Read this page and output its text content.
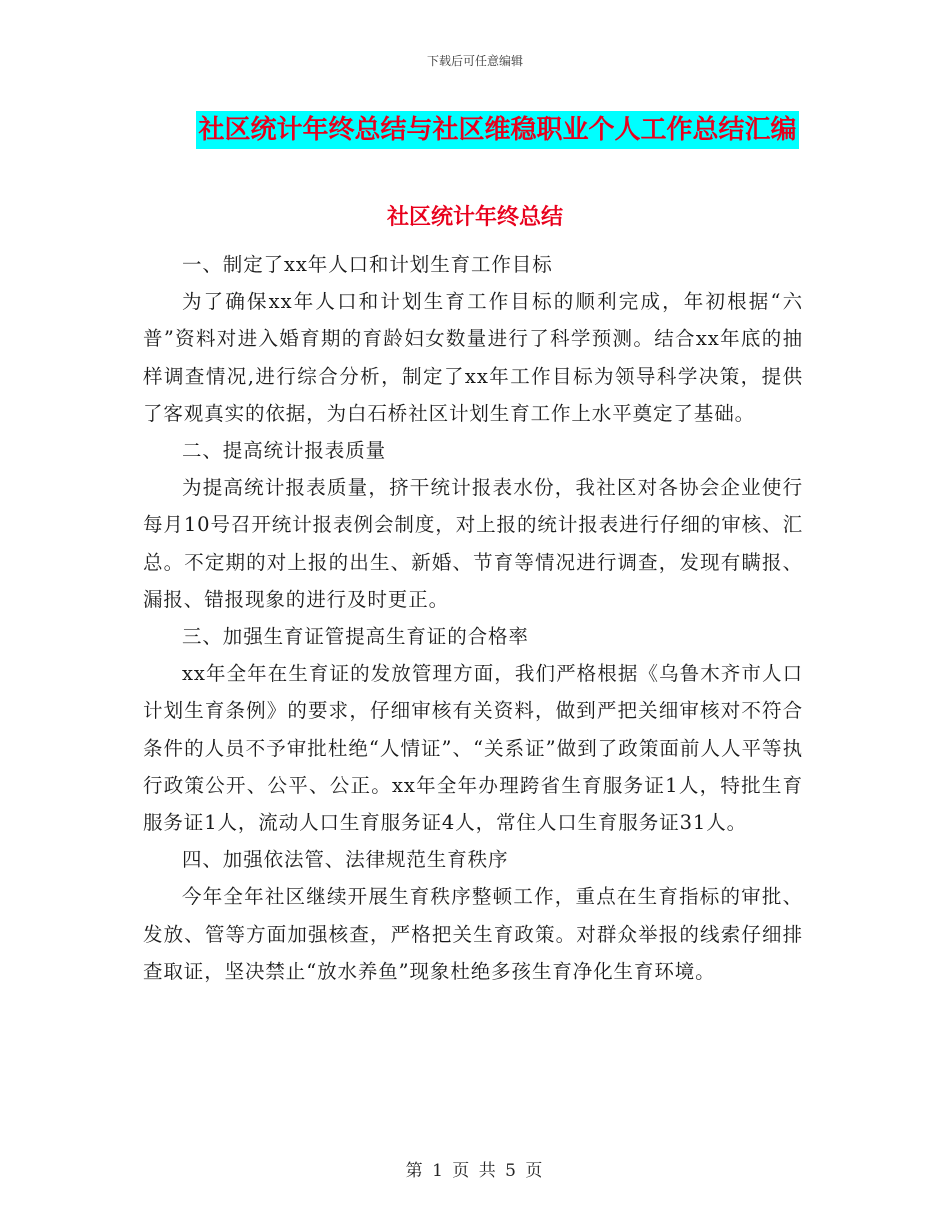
下载后可任意编辑
社区统计年终总结与社区维稳职业个人工作总结汇编
社区统计年终总结

一、制定了xx年人口和计划生育工作目标

为了确保xx年人口和计划生育工作目标的顺利完成，年初根据“六普”资料对进入婚育期的育龄妇女数量进行了科学预测。结合xx年底的抽样调查情况,进行综合分析，制定了xx年工作目标为领导科学决策，提供了客观真实的依据，为白石桥社区计划生育工作上水平奠定了基础。

二、提高统计报表质量

为提高统计报表质量，挤干统计报表水份，我社区对各协会企业使行每月10号召开统计报表例会制度，对上报的统计报表进行仔细的审核、汇总。不定期的对上报的出生、新婚、节育等情况进行调查，发现有瞒报、漏报、错报现象的进行及时更正。

三、加强生育证管提高生育证的合格率

xx年全年在生育证的发放管理方面，我们严格根据《乌鲁木齐市人口计划生育条例》的要求，仔细审核有关资料，做到严把关细审核对不符合条件的人员不予审批杜绝“人情证”、“关系证”做到了政策面前人人平等执行政策公开、公平、公正。xx年全年办理跨省生育服务证1人，特批生育服务证1人，流动人口生育服务证4人，常住人口生育服务证31人。

四、加强依法管、法律规范生育秩序

今年全年社区继续开展生育秩序整顿工作，重点在生育指标的审批、发放、管等方面加强核查，严格把关生育政策。对群众举报的线索仔细排查取证，坚决禁止“放水养鱼”现象杜绝多孩生育净化生育环境。

第 1 页 共 5 页
